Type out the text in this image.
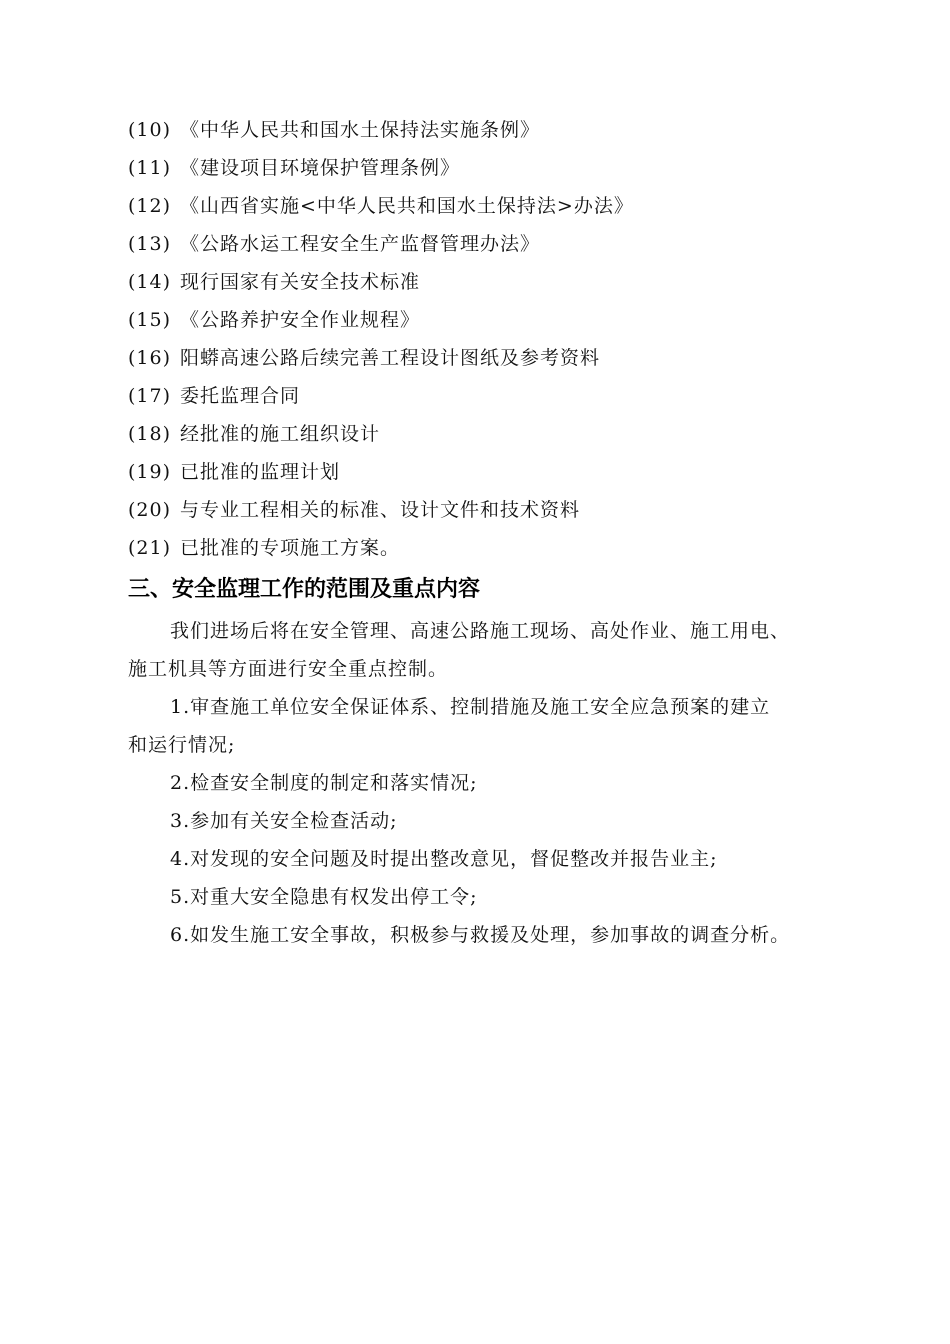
(10) 《中华人民共和国水土保持法实施条例》
(11) 《建设项目环境保护管理条例》
(12) 《山西省实施<中华人民共和国水土保持法>办法》
(13) 《公路水运工程安全生产监督管理办法》
(14) 现行国家有关安全技术标准
(15) 《公路养护安全作业规程》
(16) 阳蟒高速公路后续完善工程设计图纸及参考资料
(17) 委托监理合同
(18) 经批准的施工组织设计
(19) 已批准的监理计划
(20) 与专业工程相关的标准、设计文件和技术资料
(21) 已批准的专项施工方案。
三、安全监理工作的范围及重点内容
我们进场后将在安全管理、高速公路施工现场、高处作业、施工用电、
施工机具等方面进行安全重点控制。
1.审查施工单位安全保证体系、控制措施及施工安全应急预案的建立
和运行情况;
2.检查安全制度的制定和落实情况;
3.参加有关安全检查活动;
4.对发现的安全问题及时提出整改意见，督促整改并报告业主;
5.对重大安全隐患有权发出停工令;
6.如发生施工安全事故，积极参与救援及处理，参加事故的调查分析。
